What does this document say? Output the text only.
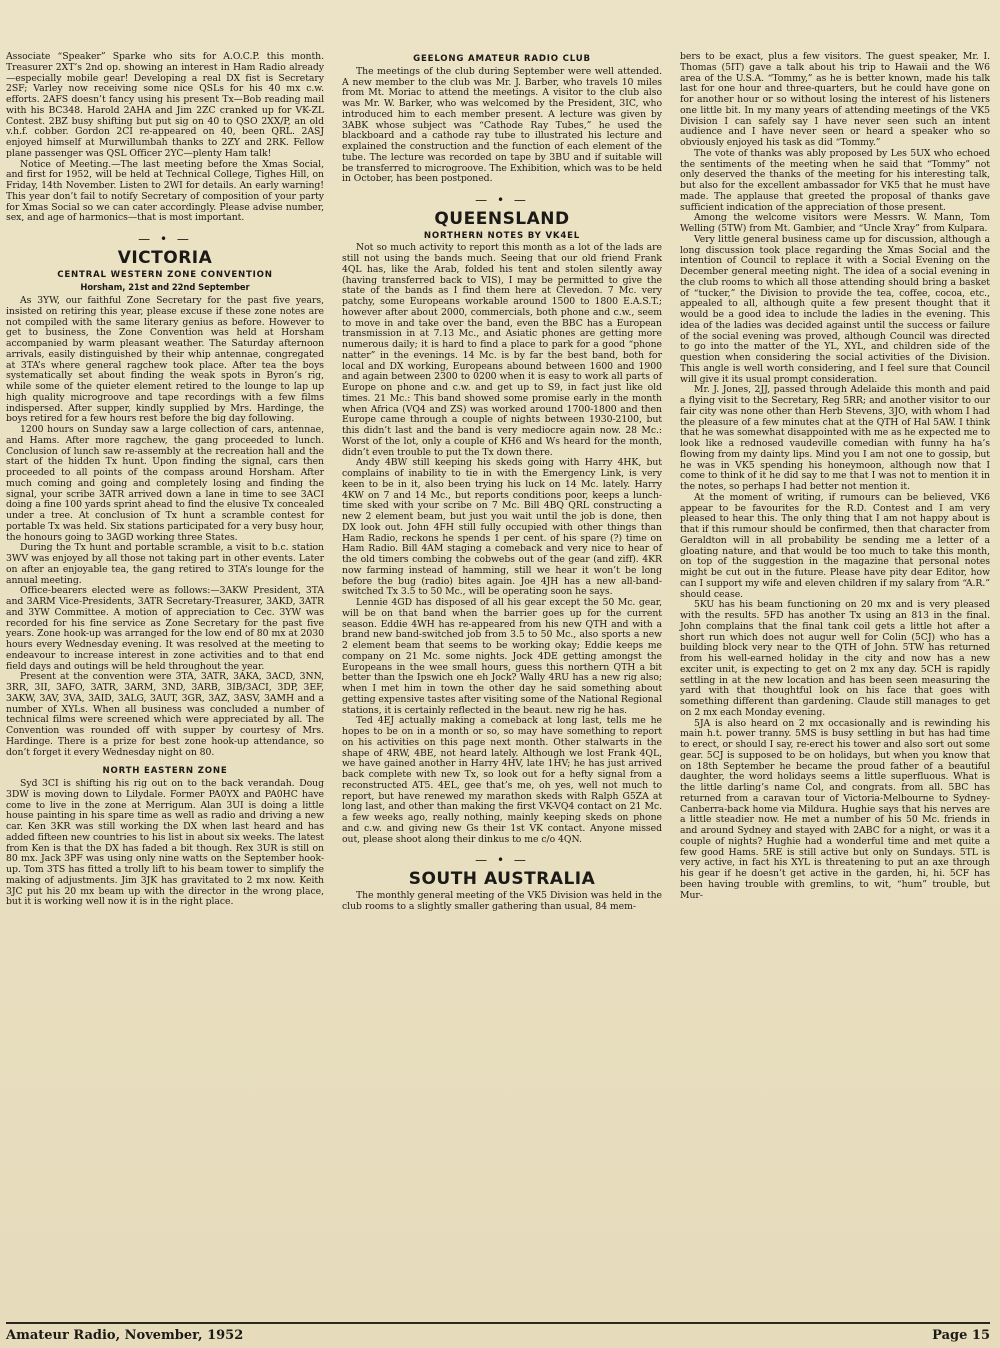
Associate “Speaker” Sparke who sits for A.O.C.P. this month. Treasurer 2XT’s 2nd op. showing an interest in Ham Radio already—especially mobile gear! Developing a real DX fist is Secretary 2SF; Varley now receiving some nice QSLs for his 40 mx c.w. efforts. 2AFS doesn’t fancy using his present Tx—Bob reading mail with his BC348. Harold 2AHA and Jim 2ZC cranked up for VK-ZL Contest. 2BZ busy shifting but put sig on 40 to QSO 2XX/P, an old v.h.f. cobber. Gordon 2CI re-appeared on 40, been QRL. 2ASJ enjoyed himself at Murwillumbah thanks to 2ZY and 2RK. Fellow plane passenger was QSL Officer 2YC—plenty Ham talk!

Notice of Meeting.—The last meeting before the Xmas Social, and first for 1952, will be held at Technical College, Tighes Hill, on Friday, 14th November. Listen to 2WI for details. An early warning! This year don’t fail to notify Secretary of composition of your party for Xmas Social so we can cater accordingly. Please advise number, sex, and age of harmonics—that is most important.

— • —
VICTORIA
CENTRAL WESTERN ZONE CONVENTION
Horsham, 21st and 22nd September

As 3YW, our faithful Zone Secretary for the past five years, insisted on retiring this year, please excuse if these zone notes are not compiled with the same literary genius as before. However to get to business, the Zone Convention was held at Horsham accompanied by warm pleasant weather. The Saturday afternoon arrivals, easily distinguished by their whip antennae, congregated at 3TA’s where general ragchew took place. After tea the boys systematically set about finding the weak spots in Byron’s rig, while some of the quieter element retired to the lounge to lap up high quality microgroove and tape recordings with a few films indispersed. After supper, kindly supplied by Mrs. Hardinge, the boys retired for a few hours rest before the big day following.

1200 hours on Sunday saw a large collection of cars, antennae, and Hams. After more ragchew, the gang proceeded to lunch. Conclusion of lunch saw re-assembly at the recreation hall and the start of the hidden Tx hunt. Upon finding the signal, cars then proceeded to all points of the compass around Horsham. After much coming and going and completely losing and finding the signal, your scribe 3ATR arrived down a lane in time to see 3ACI doing a fine 100 yards sprint ahead to find the elusive Tx concealed under a tree. At conclusion of Tx hunt a scramble contest for portable Tx was held. Six stations participated for a very busy hour, the honours going to 3AGD working three States.

During the Tx hunt and portable scramble, a visit to b.c. station 3WV was enjoyed by all those not taking part in other events. Later on after an enjoyable tea, the gang retired to 3TA’s lounge for the annual meeting.

Office-bearers elected were as follows:—3AKW President, 3TA and 3ARM Vice-Presidents, 3ATR Secretary-Treasurer, 3AKD, 3ATR and 3YW Committee. A motion of appreciation to Cec. 3YW was recorded for his fine service as Zone Secretary for the past five years. Zone hook-up was arranged for the low end of 80 mx at 2030 hours every Wednesday evening. It was resolved at the meeting to endeavour to increase interest in zone activities and to that end field days and outings will be held throughout the year.

Present at the convention were 3TA, 3ATR, 3AKA, 3ACD, 3NN, 3RR, 3II, 3AFO, 3ATR, 3ARM, 3ND, 3ARB, 3IB/3ACI, 3DP, 3EF, 3AKW, 3AV, 3VA, 3AID, 3ALG, 3AUT, 3GR, 3AZ, 3ASV, 3AMH and a number of XYLs. When all business was concluded a number of technical films were screened which were appreciated by all. The Convention was rounded off with supper by courtesy of Mrs. Hardinge. There is a prize for best zone hook-up attendance, so don’t forget it every Wednesday night on 80.

NORTH EASTERN ZONE

Syd 3CI is shifting his rig out on to the back verandah. Doug 3DW is moving down to Lilydale. Former PA0YX and PA0HC have come to live in the zone at Merrigum. Alan 3UI is doing a little house painting in his spare time as well as radio and driving a new car. Ken 3KR was still working the DX when last heard and has added fifteen new countries to his list in about six weeks. The latest from Ken is that the DX has faded a bit though. Rex 3UR is still on 80 mx. Jack 3PF was using only nine watts on the September hook-up. Tom 3TS has fitted a trolly lift to his beam tower to simplify the making of adjustments. Jim 3JK has gravitated to 2 mx now. Keith 3JC put his 20 mx beam up with the director in the wrong place, but it is working well now it is in the right place.

GEELONG AMATEUR RADIO CLUB

The meetings of the club during September were well attended. A new member to the club was Mr. J. Barber, who travels 10 miles from Mt. Moriac to attend the meetings. A visitor to the club also was Mr. W. Barker, who was welcomed by the President, 3IC, who introduced him to each member present. A lecture was given by 3ABK whose subject was “Cathode Ray Tubes,” he used the blackboard and a cathode ray tube to illustrated his lecture and explained the construction and the function of each element of the tube. The lecture was recorded on tape by 3BU and if suitable will be transferred to microgroove. The Exhibition, which was to be held in October, has been postponed.

— • —
QUEENSLAND
NORTHERN NOTES BY VK4EL

Not so much activity to report this month as a lot of the lads are still not using the bands much. Seeing that our old friend Frank 4QL has, like the Arab, folded his tent and stolen silently away (having transferred back to VIS), I may be permitted to give the state of the bands as I find them here at Clevedon. 7 Mc. very patchy, some Europeans workable around 1500 to 1800 E.A.S.T.; however after about 2000, commercials, both phone and c.w., seem to move in and take over the band, even the BBC has a European transmission in at 7.13 Mc., and Asiatic phones are getting more numerous daily; it is hard to find a place to park for a good “phone natter” in the evenings. 14 Mc. is by far the best band, both for local and DX working, Europeans abound between 1600 and 1900 and again between 2300 to 0200 when it is easy to work all parts of Europe on phone and c.w. and get up to S9, in fact just like old times. 21 Mc.: This band showed some promise early in the month when Africa (VQ4 and ZS) was worked around 1700-1800 and then Europe came through a couple of nights between 1930-2100, but this didn’t last and the band is very mediocre again now. 28 Mc.: Worst of the lot, only a couple of KH6 and Ws heard for the month, didn’t even trouble to put the Tx down there.

Andy 4BW still keeping his skeds going with Harry 4HK, but complains of inability to tie in with the Emergency Link, is very keen to be in it, also been trying his luck on 14 Mc. lately. Harry 4KW on 7 and 14 Mc., but reports conditions poor, keeps a lunch-time sked with your scribe on 7 Mc. Bill 4BQ QRL constructing a new 2 element beam, but just you wait until the job is done, then DX look out. John 4FH still fully occupied with other things than Ham Radio, reckons he spends 1 per cent. of his spare (?) time on Ham Radio. Bill 4AM staging a comeback and very nice to hear of the old timers combing the cobwebs out of the gear (and ziff). 4KR now farming instead of hamming, still we hear it won’t be long before the bug (radio) bites again. Joe 4JH has a new all-band-switched Tx 3.5 to 50 Mc., will be operating soon he says.

Lennie 4GD has disposed of all his gear except the 50 Mc. gear, will be on that band when the barrier goes up for the current season. Eddie 4WH has re-appeared from his new QTH and with a brand new band-switched job from 3.5 to 50 Mc., also sports a new 2 element beam that seems to be working okay; Eddie keeps me company on 21 Mc. some nights. Jock 4DE getting amongst the Europeans in the wee small hours, guess this northern QTH a bit better than the Ipswich one eh Jock? Wally 4RU has a new rig also; when I met him in town the other day he said something about getting expensive tastes after visiting some of the National Regional stations, it is certainly reflected in the beaut. new rig he has.

Ted 4EJ actually making a comeback at long last, tells me he hopes to be on in a month or so, so may have something to report on his activities on this page next month. Other stalwarts in the shape of 4RW, 4BE, not heard lately. Although we lost Frank 4QL, we have gained another in Harry 4HV, late 1HV; he has just arrived back complete with new Tx, so look out for a hefty signal from a reconstructed AT5. 4EL, gee that’s me, oh yes, well not much to report, but have renewed my marathon skeds with Ralph G5ZA at long last, and other than making the first VK-VQ4 contact on 21 Mc. a few weeks ago, really nothing, mainly keeping skeds on phone and c.w. and giving new Gs their 1st VK contact. Anyone missed out, please shoot along their dinkus to me c/o 4QN.

— • —
SOUTH AUSTRALIA

The monthly general meeting of the VK5 Division was held in the club rooms to a slightly smaller gathering than usual, 84 mem-

bers to be exact, plus a few visitors. The guest speaker, Mr. I. Thomas (5IT) gave a talk about his trip to Hawaii and the W6 area of the U.S.A. “Tommy,” as he is better known, made his talk last for one hour and three-quarters, but he could have gone on for another hour or so without losing the interest of his listeners one little bit. In my many years of attending meetings of the VK5 Division I can safely say I have never seen such an intent audience and I have never seen or heard a speaker who so obviously enjoyed his task as did “Tommy.”

The vote of thanks was ably proposed by Les 5UX who echoed the sentiments of the meeting when he said that “Tommy” not only deserved the thanks of the meeting for his interesting talk, but also for the excellent ambassador for VK5 that he must have made. The applause that greeted the proposal of thanks gave sufficient indication of the appreciation of those present.

Among the welcome visitors were Messrs. W. Mann, Tom Welling (5TW) from Mt. Gambier, and “Uncle Xray” from Kulpara.

Very little general business came up for discussion, although a long discussion took place regarding the Xmas Social and the intention of Council to replace it with a Social Evening on the December general meeting night. The idea of a social evening in the club rooms to which all those attending should bring a basket of “tucker,” the Division to provide the tea, coffee, cocoa, etc., appealed to all, although quite a few present thought that it would be a good idea to include the ladies in the evening. This idea of the ladies was decided against until the success or failure of the social evening was proved, although Council was directed to go into the matter of the YL, XYL, and children side of the question when considering the social activities of the Division. This angle is well worth considering, and I feel sure that Council will give it its usual prompt consideration.

Mr. J. Jones, 2JJ, passed through Adelaide this month and paid a flying visit to the Secretary, Reg 5RR; and another visitor to our fair city was none other than Herb Stevens, 3JO, with whom I had the pleasure of a few minutes chat at the QTH of Hal 5AW. I think that he was somewhat disappointed with me as he expected me to look like a rednosed vaudeville comedian with funny ha ha’s flowing from my dainty lips. Mind you I am not one to gossip, but he was in VK5 spending his honeymoon, although now that I come to think of it he did say to me that I was not to mention it in the notes, so perhaps I had better not mention it.

At the moment of writing, if rumours can be believed, VK6 appear to be favourites for the R.D. Contest and I am very pleased to hear this. The only thing that I am not happy about is that if this rumour should be confirmed, then that character from Geraldton will in all probability be sending me a letter of a gloating nature, and that would be too much to take this month, on top of the suggestion in the magazine that personal notes might be cut out in the future. Please have pity dear Editor, how can I support my wife and eleven children if my salary from “A.R.” should cease.

5KU has his beam functioning on 20 mx and is very pleased with the results. 5FD has another Tx using an 813 in the final. John complains that the final tank coil gets a little hot after a short run which does not augur well for Colin (5CJ) who has a building block very near to the QTH of John. 5TW has returned from his well-earned holiday in the city and now has a new exciter unit, is expecting to get on 2 mx any day. 5CH is rapidly settling in at the new location and has been seen measuring the yard with that thoughtful look on his face that goes with something different than gardening. Claude still manages to get on 2 mx each Monday evening.

5JA is also heard on 2 mx occasionally and is rewinding his main h.t. power tranny. 5MS is busy settling in but has had time to erect, or should I say, re-erect his tower and also sort out some gear. 5CJ is supposed to be on holidays, but when you know that on 18th September he became the proud father of a beautiful daughter, the word holidays seems a little superfluous. What is the little darling’s name Col, and congrats. from all. 5BC has returned from a caravan tour of Victoria-Melbourne to Sydney-Canberra-back home via Mildura. Hughie says that his nerves are a little steadier now. He met a number of his 50 Mc. friends in and around Sydney and stayed with 2ABC for a night, or was it a couple of nights? Hughie had a wonderful time and met quite a few good Hams. 5RE is still active but only on Sundays. 5TL is very active, in fact his XYL is threatening to put an axe through his gear if he doesn’t get active in the garden, hi, hi. 5CF has been having trouble with gremlins, to wit, “hum” trouble, but Mur-

Amateur Radio, November, 1952	Page 15
